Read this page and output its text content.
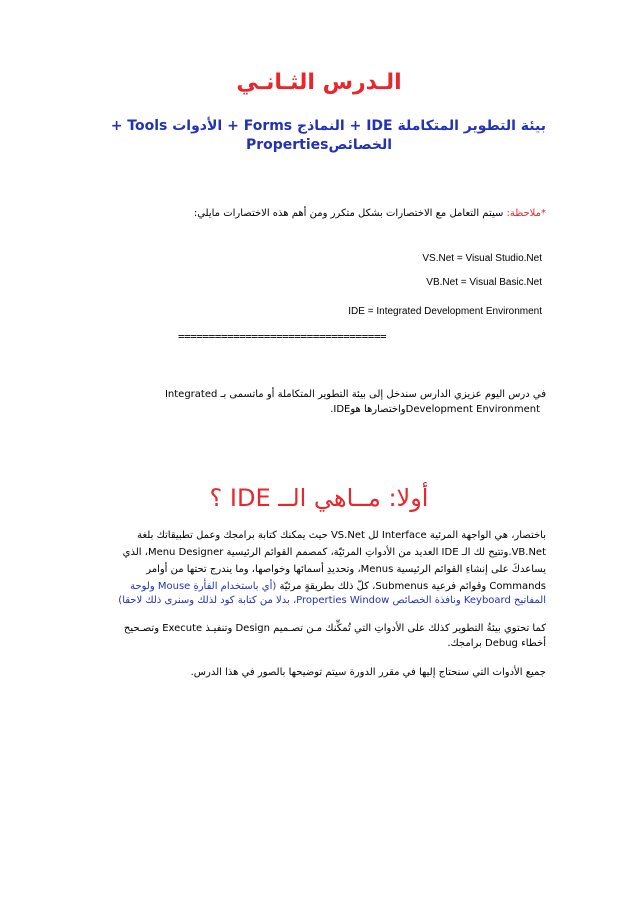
الـدرس الثـانـي
بيئة التطوير المتكاملة IDE + النماذج Forms + الأدوات Tools +
الخصائصProperties
*ملاحظة: سيتم التعامل مع الاختصارات بشكل متكرر ومن أهم هذه الاختصارات مايلي:
VS.Net = Visual Studio.Net
VB.Net = Visual Basic.Net
IDE = Integrated Development Environment
==================================
في درس اليوم عزيزي الدارس سندخل إلى بيئة التطوير المتكاملة أو ماتسمى بـ Integrated
Development Environmentواختصارها هوIDE.
أولا: مــاهي الــ IDE ؟
باختصار، هي الواجهة المرئية Interface لل VS.Net حيث يمكنك كتابة برامجك وعمل تطبيقاتك بلغة
VB.Net.وتتيح لك الـ IDE العديد من الأدواتِ المرئيّة، كمصمم القوائم الرئيسية Menu Designer، الذي
يساعدكَ على إنشاءِ القوائم الرئيسية Menus، وتحديدِ أسمائها وخواصها، وما يندرج تحتها من أوامر
Commands وقوائم فرعية Submenus، كلّ ذلك بطريقةٍ مرئيّة (أي باستخدام الفأرةِ Mouse ولوحة
المفاتيح Keyboard ونافذة الخصائص Properties Window، بدلا من كتابة كود لذلك وسنرى ذلك لاحقا)
كما تحتوي بيئةُ التطوير كذلك على الأدواتِ التي تُمكِّنك مـن تصـميم Design وتنفيـذ Execute وتصـحيح
أخطاء Debug برامجك.
جميع الأدوات التي سنحتاج إليها في مقرر الدورة سيتم توضيحها بالصور في هذا الدرس.
